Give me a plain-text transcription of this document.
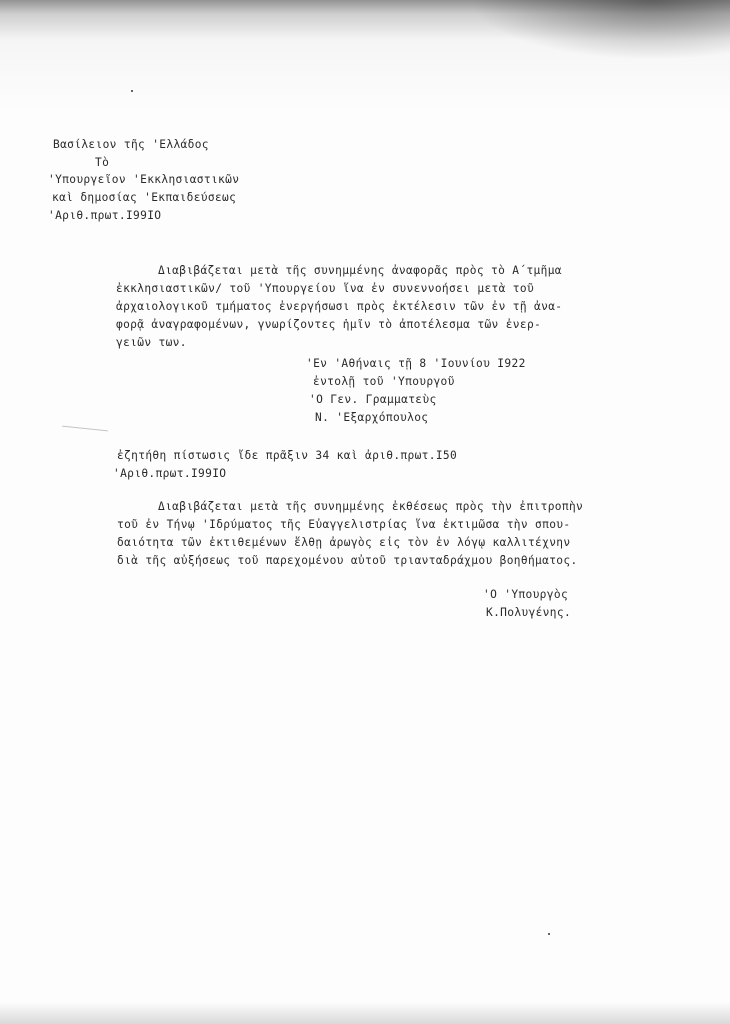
Βασίλειον τῆς 'Ελλάδος
Τὸ
'Υπουργεῖον 'Εκκλησιαστικῶν
καὶ δημοσίας 'Εκπαιδεύσεως
'Αριθ.πρωτ.I99IO
Διαβιβάζεται μετὰ τῆς συνημμένης ἀναφορᾶς πρὸς τὸ Α΄τμῆμα
ἐκκλησιαστικῶν/ τοῦ 'Υπουργείου ἵνα ἐν συνεννοήσει μετὰ τοῦ
ἀρχαιολογικοῦ τμήματος ἐνεργήσωσι πρὸς ἐκτέλεσιν τῶν ἐν τῇ ἀνα-
φορᾷ ἀναγραφομένων, γνωρίζοντες ἡμῖν τὸ ἀποτέλεσμα τῶν ἐνερ-
γειῶν των.
'Εν 'Αθήναις τῇ 8 'Ιουνίου I922
ἐντολῇ τοῦ 'Υπουργοῦ
'Ο Γεν. Γραμματεὺς
Ν. 'Εξαρχόπουλος
ἐζητήθη πίστωσις ἴδε πρᾶξιν 34 καὶ ἀριθ.πρωτ.I50
'Αριθ.πρωτ.I99IO
Διαβιβάζεται μετὰ τῆς συνημμένης ἐκθέσεως πρὸς τὴν ἐπιτροπὴν
τοῦ ἐν Τήνῳ 'Ιδρύματος τῆς Εὐαγγελιστρίας ἵνα ἐκτιμῶσα τὴν σπου-
δαιότητα τῶν ἐκτιθεμένων ἔλθῃ ἀρωγὸς εἰς τὸν ἐν λόγῳ καλλιτέχνην
διὰ τῆς αὐξήσεως τοῦ παρεχομένου αὐτοῦ τριανταδράχμου βοηθήματος.
'Ο 'Υπουργὸς
Κ.Πολυγένης.
